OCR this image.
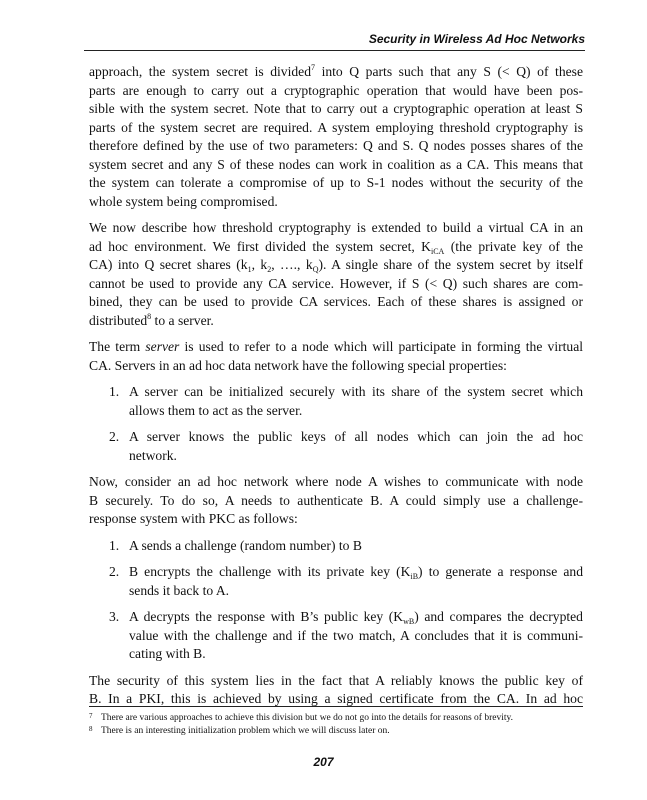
Security in Wireless Ad Hoc Networks

approach, the system secret is divided$^7$ into Q parts such that any S (< Q) of these
parts are enough to carry out a cryptographic operation that would have been pos-
sible with the system secret. Note that to carry out a cryptographic operation at least S
parts of the system secret are required. A system employing threshold cryptography is
therefore defined by the use of two parameters: Q and S. Q nodes posses shares of the
system secret and any S of these nodes can work in coalition as a CA. This means that
the system can tolerate a compromise of up to S-1 nodes without the security of the
whole system being compromised.

We now describe how threshold cryptography is extended to build a virtual CA in an
ad hoc environment. We first divided the system secret, $K_{iCA}$ (the private key of the
CA) into Q secret shares ($k_1$, $k_2$, …., $k_Q$). A single share of the system secret by itself
cannot be used to provide any CA service. However, if S (< Q) such shares are com-
bined, they can be used to provide CA services. Each of these shares is assigned or
distributed$^8$ to a server.

The term server is used to refer to a node which will participate in forming the virtual
CA. Servers in an ad hoc data network have the following special properties:

1. A server can be initialized securely with its share of the system secret which
allows them to act as the server.
2. A server knows the public keys of all nodes which can join the ad hoc
network.

Now, consider an ad hoc network where node A wishes to communicate with node
B securely. To do so, A needs to authenticate B. A could simply use a challenge-
response system with PKC as follows:

1. A sends a challenge (random number) to B
2. B encrypts the challenge with its private key $(K_{iB})$ to generate a response and
sends it back to A.
3. A decrypts the response with B’s public key $(K_{wB})$ and compares the decrypted
value with the challenge and if the two match, A concludes that it is communi-
cating with B.

The security of this system lies in the fact that A reliably knows the public key of
B. In a PKI, this is achieved by using a signed certificate from the CA. In ad hoc

7 There are various approaches to achieve this division but we do not go into the details for reasons of brevity.
8 There is an interesting initialization problem which we will discuss later on.
207
